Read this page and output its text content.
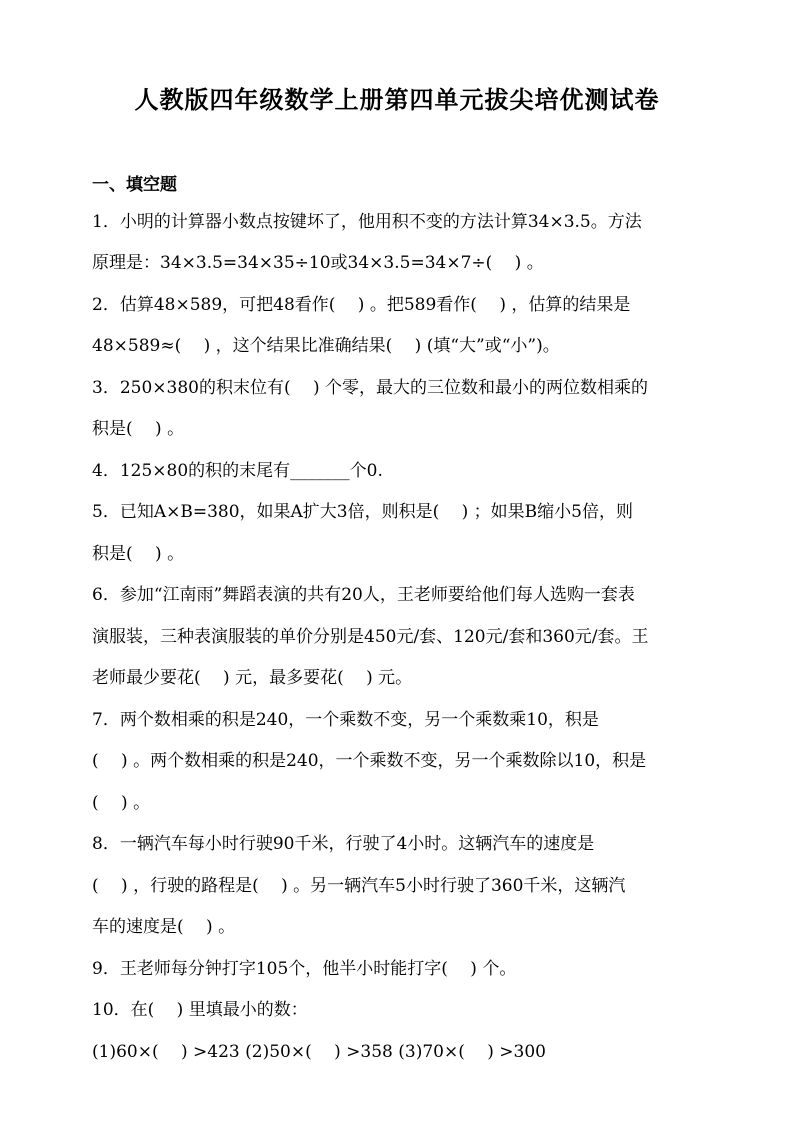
人教版四年级数学上册第四单元拔尖培优测试卷
一、填空题
1．小明的计算器小数点按键坏了，他用积不变的方法计算34×3.5。方法
原理是：34×3.5=34×35÷10或34×3.5=34×7÷(　 ) 。
2．估算48×589，可把48看作(　 ) 。把589看作(　 ) ，估算的结果是
48×589≈(　 ) ，这个结果比准确结果(　 ) (填“大”或“小”)。
3．250×380的积末位有(　 ) 个零，最大的三位数和最小的两位数相乘的
积是(　 ) 。
4．125×80的积的末尾有_______个0.
5．已知A×B=380，如果A扩大3倍，则积是(　 ) ；如果B缩小5倍，则
积是(　 ) 。
6．参加“江南雨”舞蹈表演的共有20人，王老师要给他们每人选购一套表
演服装，三种表演服装的单价分别是450元/套、120元/套和360元/套。王
老师最少要花(　 ) 元，最多要花(　 ) 元。
7．两个数相乘的积是240，一个乘数不变，另一个乘数乘10，积是
(　 ) 。两个数相乘的积是240，一个乘数不变，另一个乘数除以10，积是
(　 ) 。
8．一辆汽车每小时行驶90千米，行驶了4小时。这辆汽车的速度是
(　 ) ，行驶的路程是(　 ) 。另一辆汽车5小时行驶了360千米，这辆汽
车的速度是(　 ) 。
9．王老师每分钟打字105个，他半小时能打字(　 ) 个。
10．在(　 ) 里填最小的数：
(1)60×(　 ) >423 (2)50×(　 ) >358 (3)70×(　 ) >300
